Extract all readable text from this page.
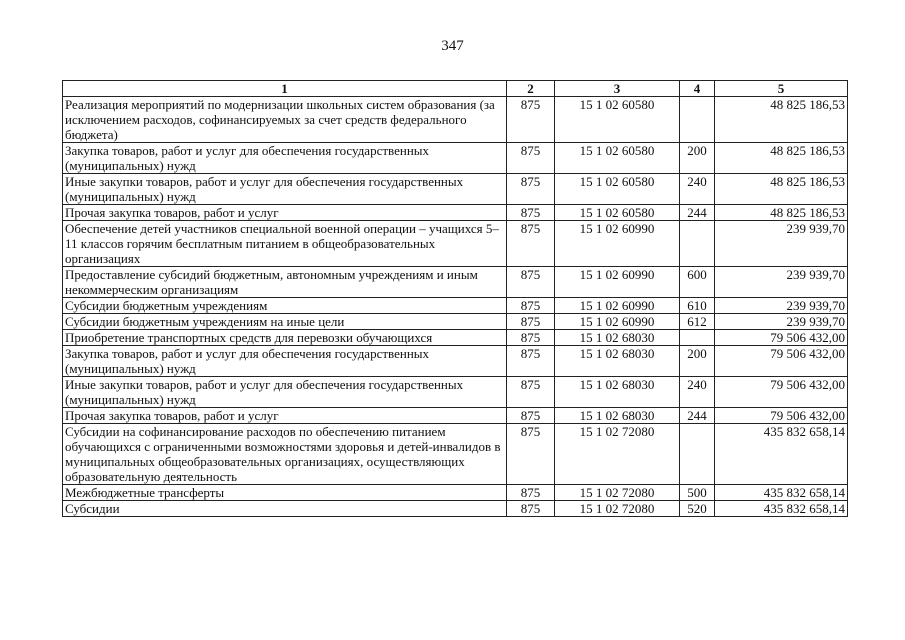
347
1	2	3	4	5
Реализация мероприятий по модернизации школьных систем образования (за исключением расходов, софинансируемых за счет средств федерального бюджета)	875	15 1 02 60580		48 825 186,53
Закупка товаров, работ и услуг для обеспечения государственных (муниципальных) нужд	875	15 1 02 60580	200	48 825 186,53
Иные закупки товаров, работ и услуг для обеспечения государственных (муниципальных) нужд	875	15 1 02 60580	240	48 825 186,53
Прочая закупка товаров, работ и услуг	875	15 1 02 60580	244	48 825 186,53
Обеспечение детей участников специальной военной операции – учащихся 5–11 классов горячим бесплатным питанием в общеобразовательных организациях	875	15 1 02 60990		239 939,70
Предоставление субсидий бюджетным, автономным учреждениям и иным некоммерческим организациям	875	15 1 02 60990	600	239 939,70
Субсидии бюджетным учреждениям	875	15 1 02 60990	610	239 939,70
Субсидии бюджетным учреждениям на иные цели	875	15 1 02 60990	612	239 939,70
Приобретение транспортных средств для перевозки обучающихся	875	15 1 02 68030		79 506 432,00
Закупка товаров, работ и услуг для обеспечения государственных (муниципальных) нужд	875	15 1 02 68030	200	79 506 432,00
Иные закупки товаров, работ и услуг для обеспечения государственных (муниципальных) нужд	875	15 1 02 68030	240	79 506 432,00
Прочая закупка товаров, работ и услуг	875	15 1 02 68030	244	79 506 432,00
Субсидии на софинансирование расходов по обеспечению питанием обучающихся с ограниченными возможностями здоровья и детей-инвалидов в муниципальных общеобразовательных организациях, осуществляющих образовательную деятельность	875	15 1 02 72080		435 832 658,14
Межбюджетные трансферты	875	15 1 02 72080	500	435 832 658,14
Субсидии	875	15 1 02 72080	520	435 832 658,14
